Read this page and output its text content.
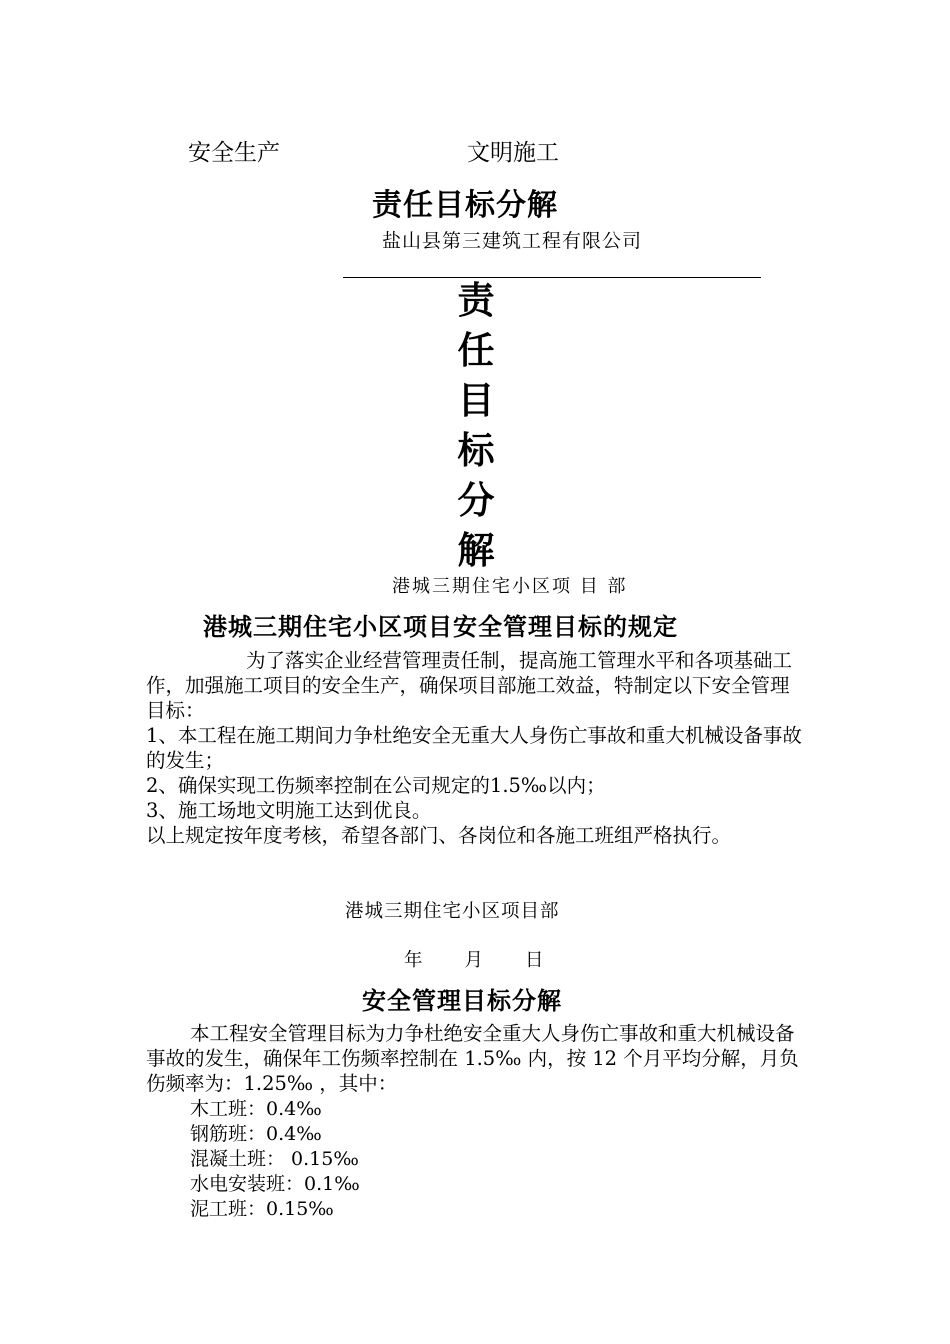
安全生产	文明施工
责任目标分解
盐山县第三建筑工程有限公司
责
任
目
标
分
解
港城三期住宅小区项 目 部
港城三期住宅小区项目安全管理目标的规定
为了落实企业经营管理责任制，提高施工管理水平和各项基础工作，加强施工项目的安全生产，确保项目部施工效益，特制定以下安全管理目标：
1、本工程在施工期间力争杜绝安全无重大人身伤亡事故和重大机械设备事故的发生；
2、确保实现工伤频率控制在公司规定的1.5‰以内；
3、施工场地文明施工达到优良。
以上规定按年度考核，希望各部门、各岗位和各施工班组严格执行。
港城三期住宅小区项目部
年 月 日
安全管理目标分解
本工程安全管理目标为力争杜绝安全重大人身伤亡事故和重大机械设备事故的发生，确保年工伤频率控制在 1.5‰ 内，按 12 个月平均分解，月负伤频率为：1.25‰ ，其中：
木工班：0.4‰
钢筋班：0.4‰
混凝土班： 0.15‰
水电安装班：0.1‰
泥工班：0.15‰
